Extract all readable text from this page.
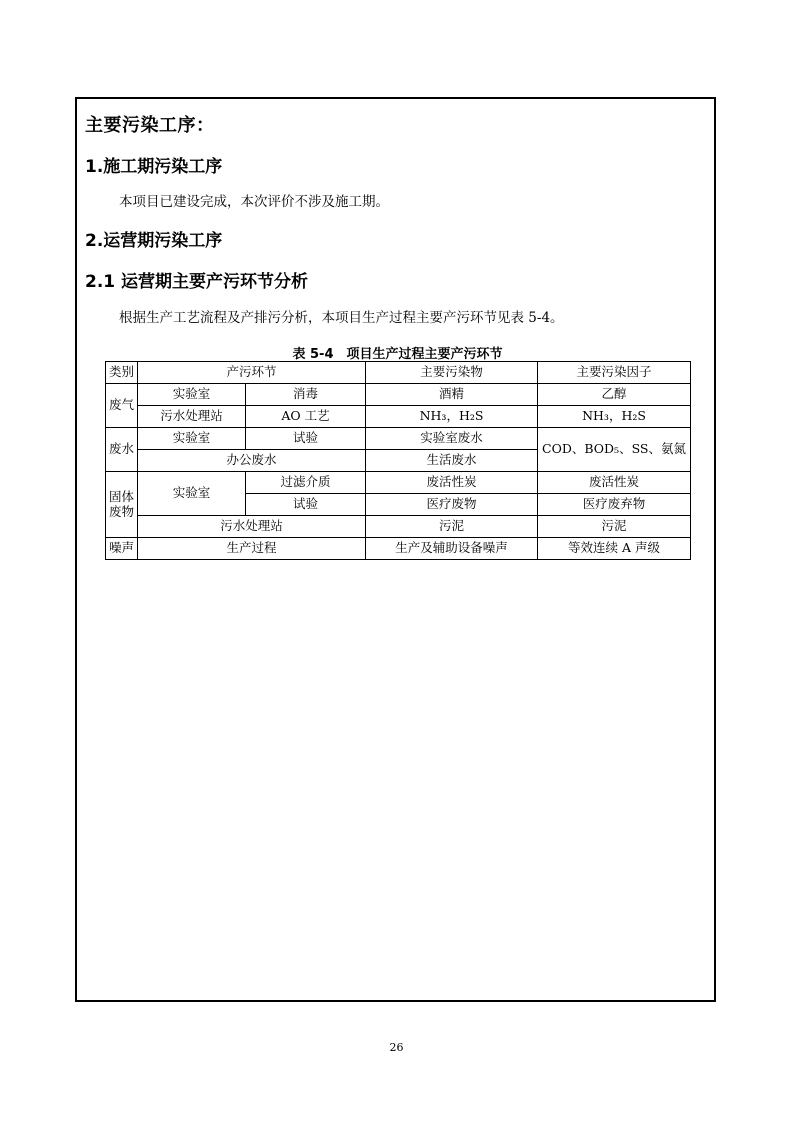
主要污染工序：
1.施工期污染工序
本项目已建设完成，本次评价不涉及施工期。
2.运营期污染工序
2.1 运营期主要产污环节分析
根据生产工艺流程及产排污分析，本项目生产过程主要产污环节见表 5-4。
表 5-4　项目生产过程主要产污环节
类别	产污环节		主要污染物	主要污染因子
废气	实验室	消毒	酒精	乙醇
	污水处理站	AO 工艺	NH₃，H₂S	NH₃，H₂S
废水	实验室	试验	实验室废水	COD、BOD₅、SS、氨氮
	办公废水		生活废水	
固体废物	实验室	过滤介质	废活性炭	废活性炭
		试验	医疗废物	医疗废弃物
	污水处理站		污泥	污泥
噪声	生产过程		生产及辅助设备噪声	等效连续 A 声级
26
